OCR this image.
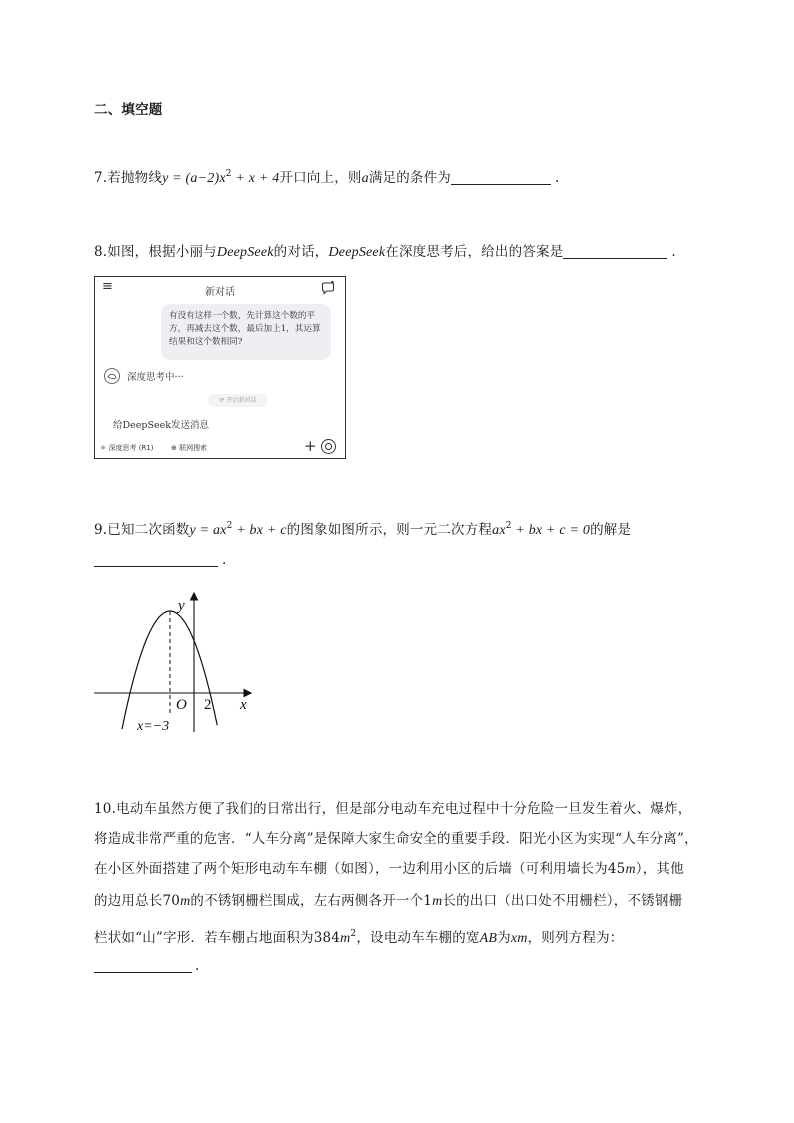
二、填空题
7.若抛物线$y = (a-2)x^2 + x + 4$开口向上，则a满足的条件为	.
8.如图，根据小丽与DeepSeek的对话，DeepSeek在深度思考后，给出的答案是	.
≡	新对话
有没有这样一个数，先计算这个数的平方，再减去这个数，最后加上1，其运算结果和这个数相同?
深度思考中···
⟳ 开启新对话
给DeepSeek发送消息
⚛ 深度思考 (R1) ⊕ 联网搜索	+
9.已知二次函数$y = ax^2$ + bx + c的图象如图所示，则一元二次方程$ax^2$ + bx + c = 0的解是
.
y
x
O 2
x=−3
10.电动车虽然方便了我们的日常出行，但是部分电动车充电过程中十分危险一旦发生着火、爆炸，
将造成非常严重的危害．“人车分离”是保障大家生命安全的重要手段．阳光小区为实现“人车分离”，
在小区外面搭建了两个矩形电动车车棚（如图），一边利用小区的后墙（可利用墙长为45m），其他
的边用总长70m的不锈钢栅栏围成，左右两侧各开一个1m长的出口（出口处不用栅栏），不锈钢栅
栏状如“山”字形．若车棚占地面积为$384m^2$，设电动车车棚的宽AB为xm，则列方程为：
.
